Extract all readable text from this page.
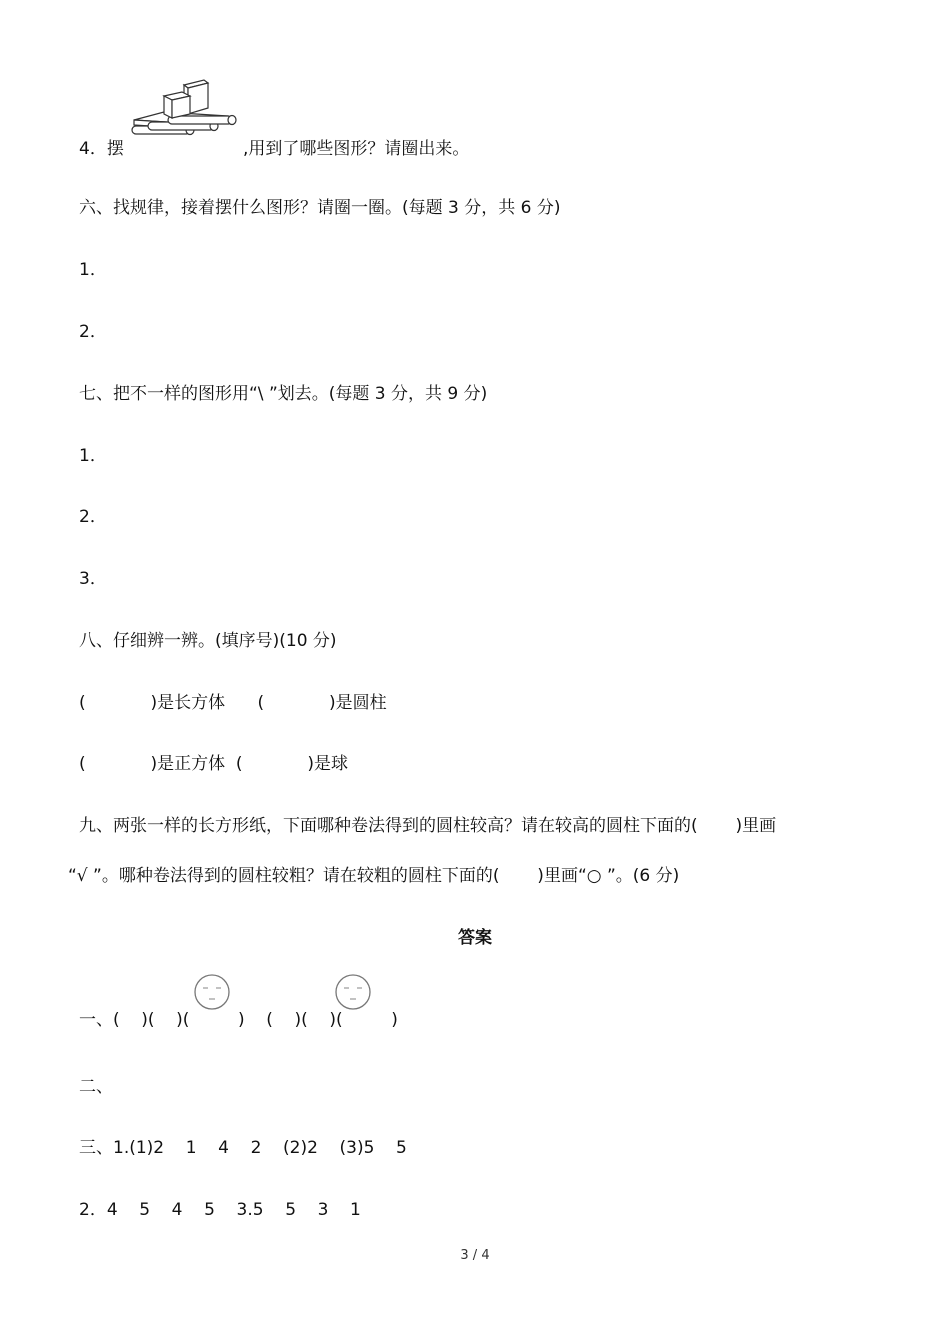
4．摆	,用到了哪些图形？请圈出来。
六、找规律，接着摆什么图形？请圈一圈。(每题 3 分，共 6 分)
1．
2．
七、把不一样的图形用“\ ”划去。(每题 3 分，共 9 分)
1．
2．
3．
八、仔细辨一辨。(填序号)(10 分)
(            )是长方体      (            )是圆柱
(            )是正方体  (            )是球
九、两张一样的长方形纸，下面哪种卷法得到的圆柱较高？请在较高的圆柱下面的(       )里画
“√ ”。哪种卷法得到的圆柱较粗？请在较粗的圆柱下面的(       )里画“○ ”。(6 分)
答案
一、(    )(    )(         )    (    )(    )(         )
二、
三、1.(1)2    1    4    2    (2)2    (3)5    5
2．4    5    4    5    3.5    5    3    1
3 / 4
